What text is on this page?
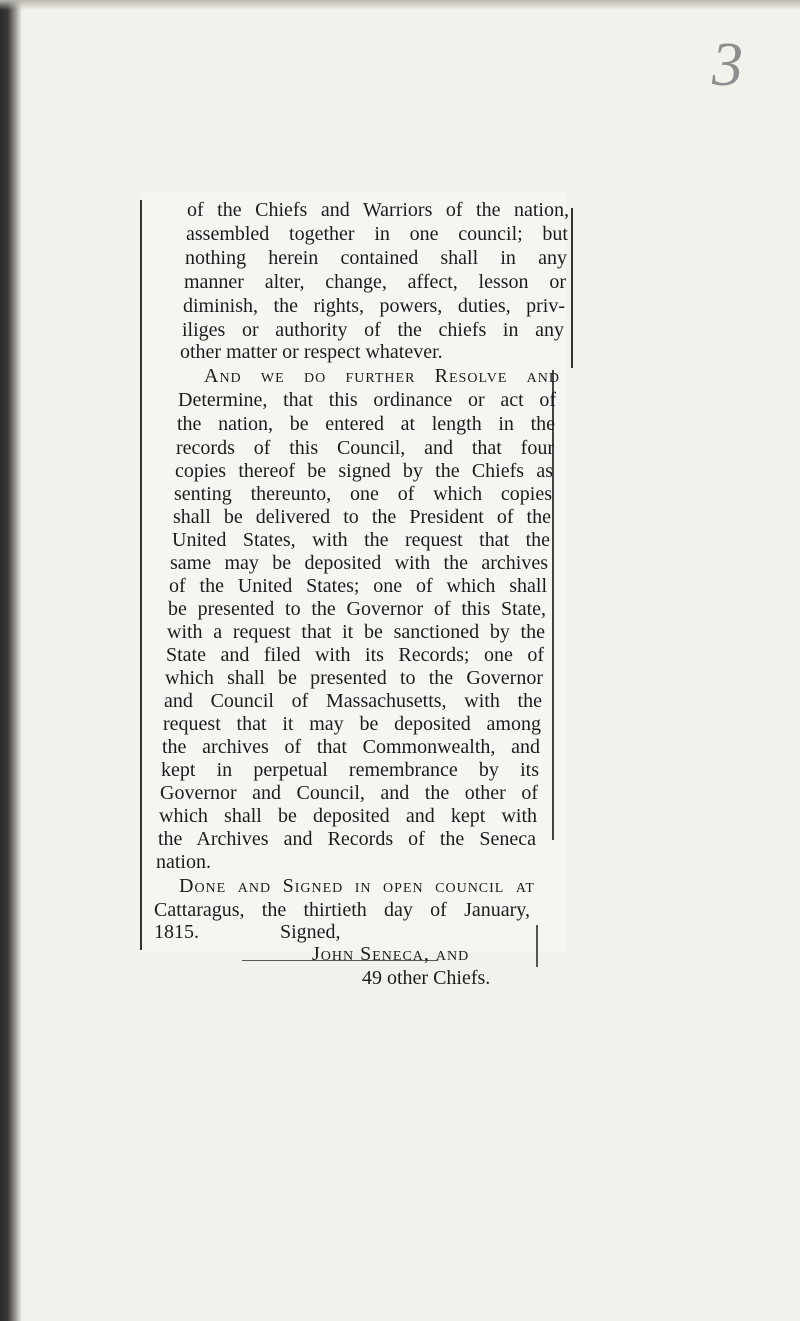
3
of the Chiefs and Warriors of the nation,
assembled together in one council; but
nothing herein contained shall in any
manner alter, change, affect, lesson or
diminish, the rights, powers, duties, priv-
iliges or authority of the chiefs in any
other matter or respect whatever.
And we do further Resolve and
Determine, that this ordinance or act of
the nation, be entered at length in the
records of this Council, and that four
copies thereof be signed by the Chiefs as
senting thereunto, one of which copies
shall be delivered to the President of the
United States, with the request that the
same may be deposited with the archives
of the United States; one of which shall
be presented to the Governor of this State,
with a request that it be sanctioned by the
State and filed with its Records; one of
which shall be presented to the Governor
and Council of Massachusetts, with the
request that it may be deposited among
the archives of that Commonwealth, and
kept in perpetual remembrance by its
Governor and Council, and the other of
which shall be deposited and kept with
the Archives and Records of the Seneca
nation.
Done and Signed in open council at
Cattaragus, the thirtieth day of January,
1815.	Signed,
John Seneca, and
49 other Chiefs.
